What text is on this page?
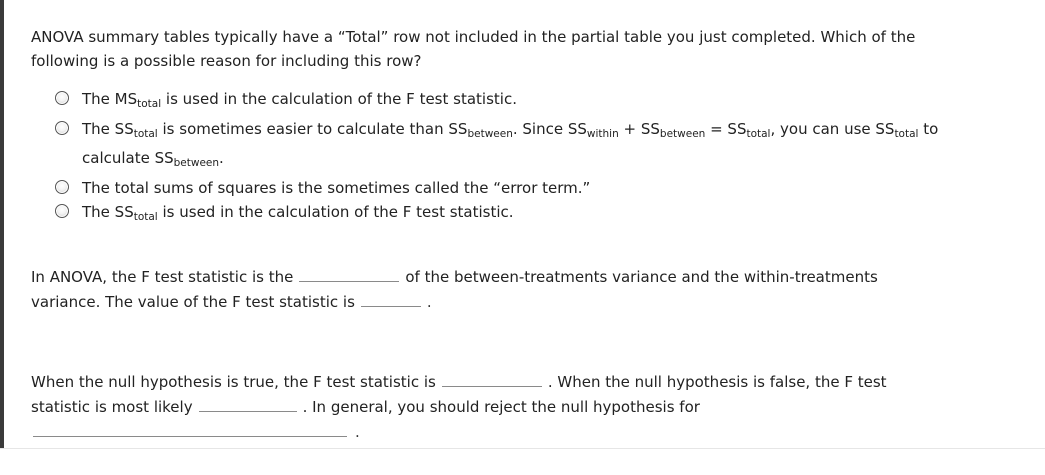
ANOVA summary tables typically have a “Total” row not included in the partial table you just completed. Which of the following is a possible reason for including this row?
The $MS_{total}$ is used in the calculation of the F test statistic.
The $SS_{total}$ is sometimes easier to calculate than $SS_{between}$. Since $SS_{within} + SS_{between} = SS_{total}$, you can use $SS_{total}$ to calculate $SS_{between}$.
The total sums of squares is the sometimes called the “error term.”
The $SS_{total}$ is used in the calculation of the F test statistic.
In ANOVA, the F test statistic is the	of the between-treatments variance and the within-treatments variance. The value of the F test statistic is	.
When the null hypothesis is true, the F test statistic is	. When the null hypothesis is false, the F test statistic is most likely	. In general, you should reject the null hypothesis for
.
